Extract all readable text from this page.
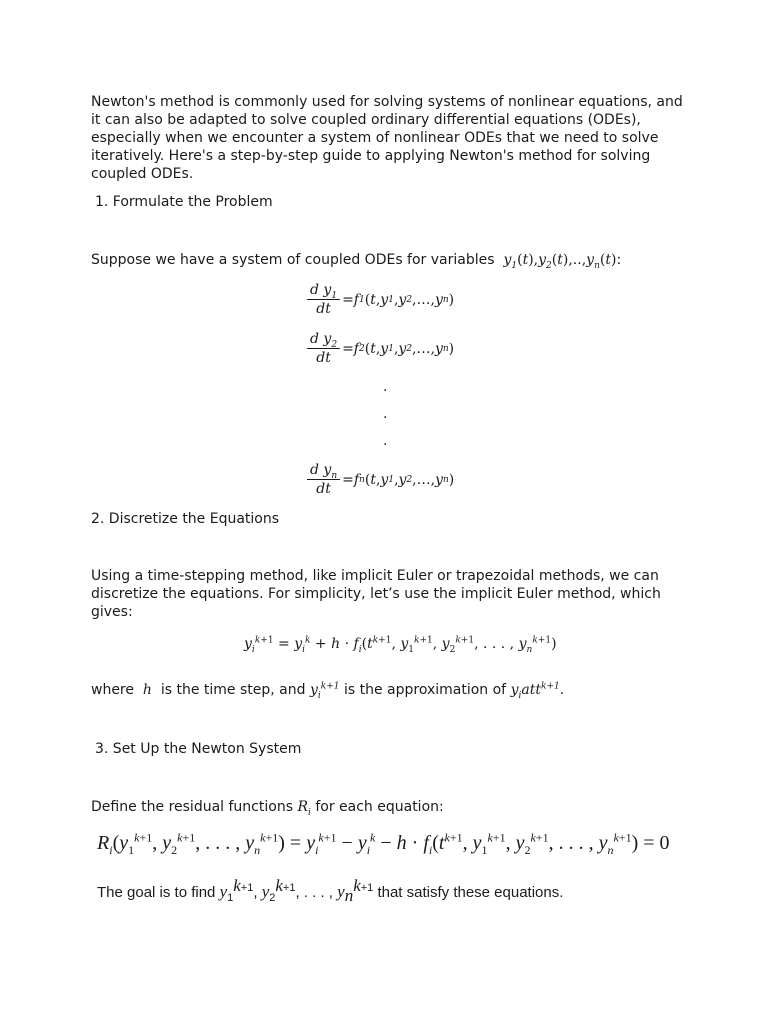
Newton's method is commonly used for solving systems of nonlinear equations, and it can also be adapted to solve coupled ordinary differential equations (ODEs), especially when we encounter a system of nonlinear ODEs that we need to solve iteratively. Here's a step-by-step guide to applying Newton's method for solving coupled ODEs.
1. Formulate the Problem
Suppose we have a system of coupled ODEs for variables  $y_1(t),y_2(t),..,y_n(t)$:
$\frac{d y_1}{dt} = f$ 1 ( t , y 1 , y 2 ,…, y n )
$\frac{d y_2}{dt} = f$ 2 ( t , y 1 , y 2 ,…, y n )
.
.
.
$\frac{d y_n}{dt} = f$ n ( t , y 1 , y 2 ,…, y n )
2. Discretize the Equations
Using a time-stepping method, like implicit Euler or trapezoidal methods, we can discretize the equations. For simplicity, let’s use the implicit Euler method, which gives:
$y_i^{k+1} = y_i^k + h \cdot f_i(t^{k+1}$, $y_1^{k+1}$, $y_2^{k+1}$, . . . , $y_n^{k+1}$)
where  h  is the time step, and $y_i^{k+1}$ is the approximation of $y_iatt^{k+1}$.
3. Set Up the Newton System
Define the residual functions $R_i$ for each equation:
$R_i(y_1^{k+1}$, $y_2^{k+1}$, . . . , $y_n^{k+1}) = y_i^{k+1} - y_i^k - h \cdot f_i(t^{k+1}$, $y_1^{k+1}$, $y_2^{k+1}$, . . . , $y_n^{k+1}) = 0$
The goal is to find $y_1^{k+1}$, $y_2^{k+1}$, . . . , $y_n^{k+1}$ that satisfy these equations.
